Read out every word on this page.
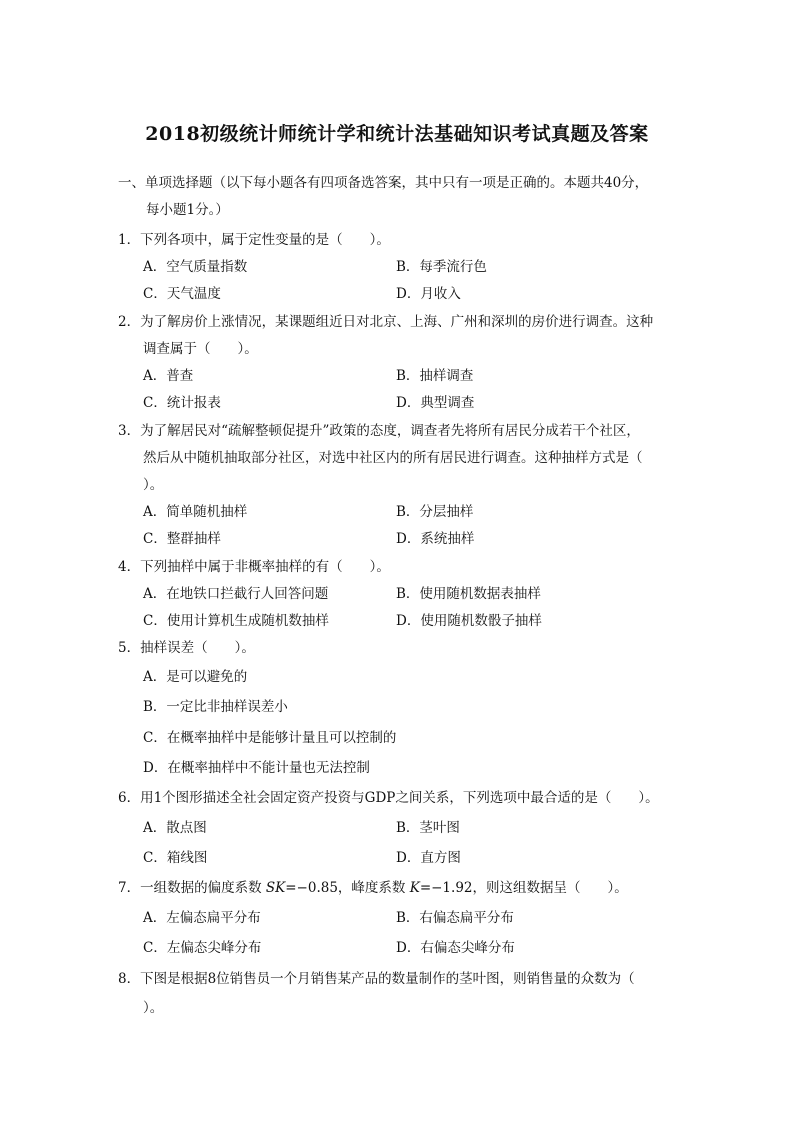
2018初级统计师统计学和统计法基础知识考试真题及答案
一、单项选择题（以下每小题各有四项备选答案，其中只有一项是正确的。本题共40分，
每小题1分。）
1．下列各项中，属于定性变量的是（　　）。
A．空气质量指数	B．每季流行色
C．天气温度	D．月收入
2．为了解房价上涨情况，某课题组近日对北京、上海、广州和深圳的房价进行调查。这种
调查属于（　　）。
A．普查	B．抽样调查
C．统计报表	D．典型调查
3．为了解居民对“疏解整顿促提升”政策的态度，调查者先将所有居民分成若干个社区，
然后从中随机抽取部分社区，对选中社区内的所有居民进行调查。这种抽样方式是（
）。
A．简单随机抽样	B．分层抽样
C．整群抽样	D．系统抽样
4．下列抽样中属于非概率抽样的有（　　）。
A．在地铁口拦截行人回答问题	B．使用随机数据表抽样
C．使用计算机生成随机数抽样	D．使用随机数骰子抽样
5．抽样误差（　　）。
A．是可以避免的
B．一定比非抽样误差小
C．在概率抽样中是能够计量且可以控制的
D．在概率抽样中不能计量也无法控制
6．用1个图形描述全社会固定资产投资与GDP之间关系，下列选项中最合适的是（　　）。
A．散点图	B．茎叶图
C．箱线图	D．直方图
7．一组数据的偏度系数 SK=−0.85，峰度系数 K=−1.92，则这组数据呈（　　）。
A．左偏态扁平分布	B．右偏态扁平分布
C．左偏态尖峰分布	D．右偏态尖峰分布
8．下图是根据8位销售员一个月销售某产品的数量制作的茎叶图，则销售量的众数为（
）。
